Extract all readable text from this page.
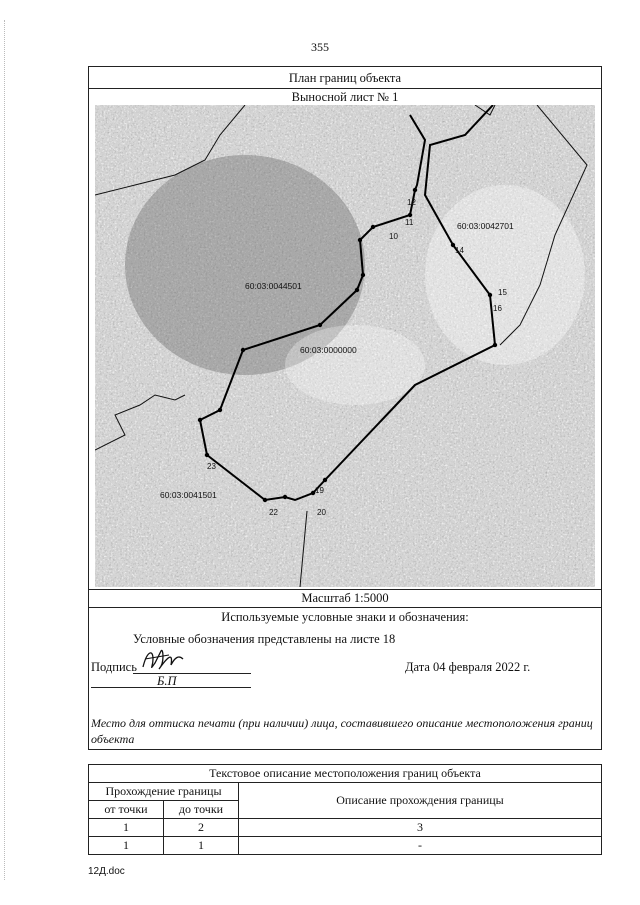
355
План границ объекта
Выносной лист № 1
60:03:0044501
60:03:0042701
60:03:0000000
60:03:0041501
10
11
12
14
15
16
19
20
22
23
Масштаб 1:5000
Используемые условные знаки и обозначения:
Условные обозначения представлены на листе 18
Подпись	Дата 04 февраля 2022 г.
Б.П
Место для оттиска печати (при наличии) лица, составившего описание местоположения границ объекта
Текстовое описание местоположения границ объекта		
Прохождение границы		Описание прохождения границы
от точки	до точки	
1	2	3
1	1	-
12Д.doc
